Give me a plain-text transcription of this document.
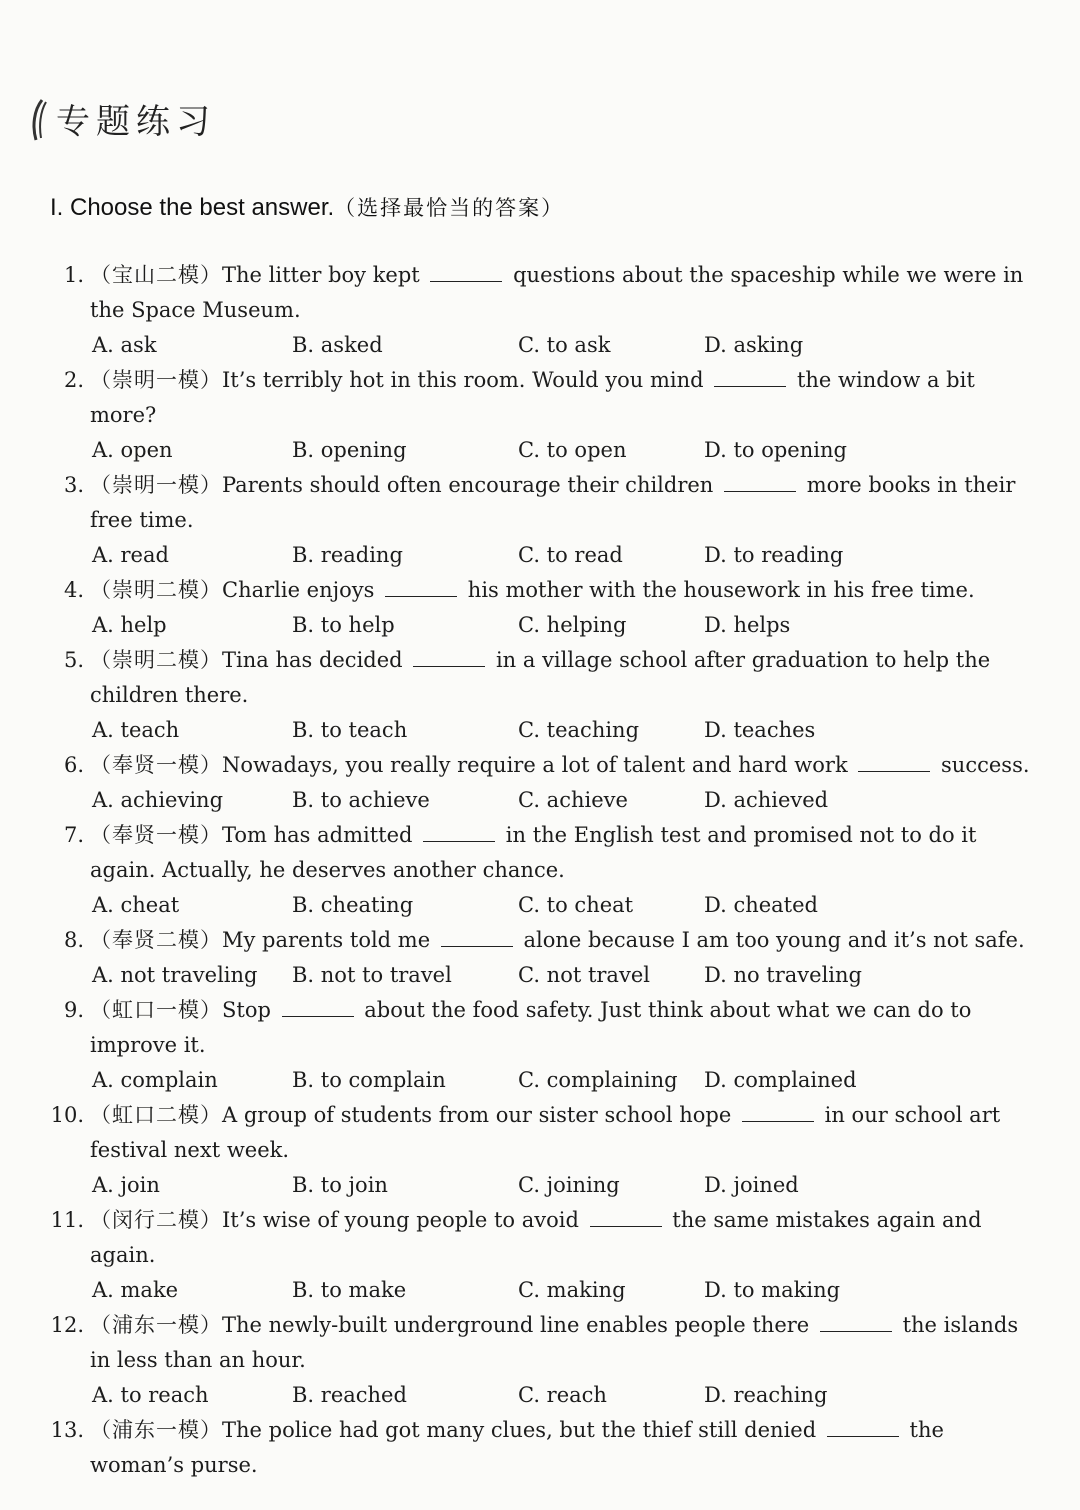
专题练习
I. Choose the best answer.（选择最恰当的答案）
1. （宝山二模）The litter boy kept	questions about the spaceship while we were in
the Space Museum.
A. ask	B. asked	C. to ask	D. asking
2. （崇明一模）It’s terribly hot in this room. Would you mind	the window a bit
more?
A. open	B. opening	C. to open	D. to opening
3. （崇明一模）Parents should often encourage their children	more books in their
free time.
A. read	B. reading	C. to read	D. to reading
4. （崇明二模）Charlie enjoys	his mother with the housework in his free time.
A. help	B. to help	C. helping	D. helps
5. （崇明二模）Tina has decided	in a village school after graduation to help the
children there.
A. teach	B. to teach	C. teaching	D. teaches
6. （奉贤一模）Nowadays, you really require a lot of talent and hard work	success.
A. achieving	B. to achieve	C. achieve	D. achieved
7. （奉贤一模）Tom has admitted	in the English test and promised not to do it
again. Actually, he deserves another chance.
A. cheat	B. cheating	C. to cheat	D. cheated
8. （奉贤二模）My parents told me	alone because I am too young and it’s not safe.
A. not traveling	B. not to travel	C. not travel	D. no traveling
9. （虹口一模）Stop	about the food safety. Just think about what we can do to
improve it.
A. complain	B. to complain	C. complaining	D. complained
10. （虹口二模）A group of students from our sister school hope	in our school art
festival next week.
A. join	B. to join	C. joining	D. joined
11. （闵行二模）It’s wise of young people to avoid	the same mistakes again and
again.
A. make	B. to make	C. making	D. to making
12. （浦东一模）The newly-built underground line enables people there	the islands
in less than an hour.
A. to reach	B. reached	C. reach	D. reaching
13. （浦东一模）The police had got many clues, but the thief still denied	the
woman’s purse.
